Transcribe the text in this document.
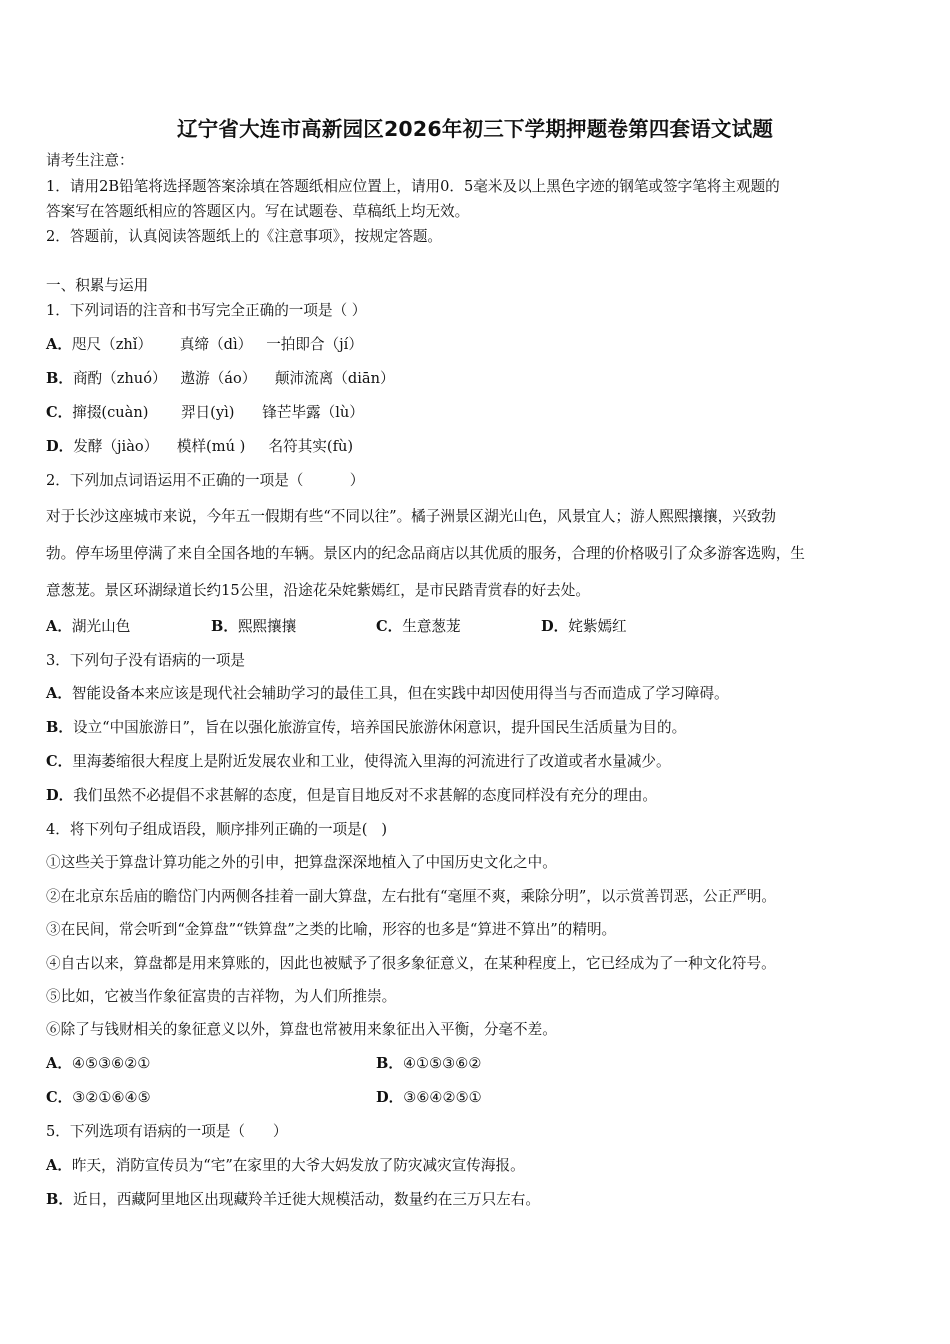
辽宁省大连市高新园区2026年初三下学期押题卷第四套语文试题
请考生注意：
1．请用2B铅笔将选择题答案涂填在答题纸相应位置上，请用0．5毫米及以上黑色字迹的钢笔或签字笔将主观题的
答案写在答题纸相应的答题区内。写在试题卷、草稿纸上均无效。
2．答题前，认真阅读答题纸上的《注意事项》，按规定答题。
一、积累与运用
1．下列词语的注音和书写完全正确的一项是（ ）
A．咫尺（zhǐ）      真缔（dì）   一拍即合（jí）
B．商酌（zhuó）   遨游（áo）    颠沛流离（diān）
C．撺掇(cuàn)       羿日(yì)      锋芒毕露（lù）
D．发酵（jiào）    模样(mú )     名符其实(fù)
2．下列加点词语运用不正确的一项是（          ）
对于长沙这座城市来说，今年五一假期有些“不同以往”。橘子洲景区湖光山色，风景宜人；游人熙熙攘攘，兴致勃
勃。停车场里停满了来自全国各地的车辆。景区内的纪念品商店以其优质的服务，合理的价格吸引了众多游客选购，生
意葱茏。景区环湖绿道长约15公里，沿途花朵姹紫嫣红，是市民踏青赏春的好去处。
A．湖光山色	B．熙熙攘攘	C．生意葱茏	D．姹紫嫣红
3．下列句子没有语病的一项是
A．智能设备本来应该是现代社会辅助学习的最佳工具，但在实践中却因使用得当与否而造成了学习障碍。
B．设立“中国旅游日”，旨在以强化旅游宣传，培养国民旅游休闲意识，提升国民生活质量为目的。
C．里海萎缩很大程度上是附近发展农业和工业，使得流入里海的河流进行了改道或者水量减少。
D．我们虽然不必提倡不求甚解的态度，但是盲目地反对不求甚解的态度同样没有充分的理由。
4．将下列句子组成语段，顺序排列正确的一项是(   )
①这些关于算盘计算功能之外的引申，把算盘深深地植入了中国历史文化之中。
②在北京东岳庙的瞻岱门内两侧各挂着一副大算盘，左右批有“毫厘不爽，乘除分明”，以示赏善罚恶，公正严明。
③在民间，常会听到“金算盘”“铁算盘”之类的比喻，形容的也多是“算进不算出”的精明。
④自古以来，算盘都是用来算账的，因此也被赋予了很多象征意义，在某种程度上，它已经成为了一种文化符号。
⑤比如，它被当作象征富贵的吉祥物，为人们所推崇。
⑥除了与钱财相关的象征意义以外，算盘也常被用来象征出入平衡，分毫不差。
A．④⑤③⑥②①	B．④①⑤③⑥②
C．③②①⑥④⑤	D．③⑥④②⑤①
5．下列选项有语病的一项是（      ）
A．昨天，消防宣传员为“宅”在家里的大爷大妈发放了防灾减灾宣传海报。
B．近日，西藏阿里地区出现藏羚羊迁徙大规模活动，数量约在三万只左右。
